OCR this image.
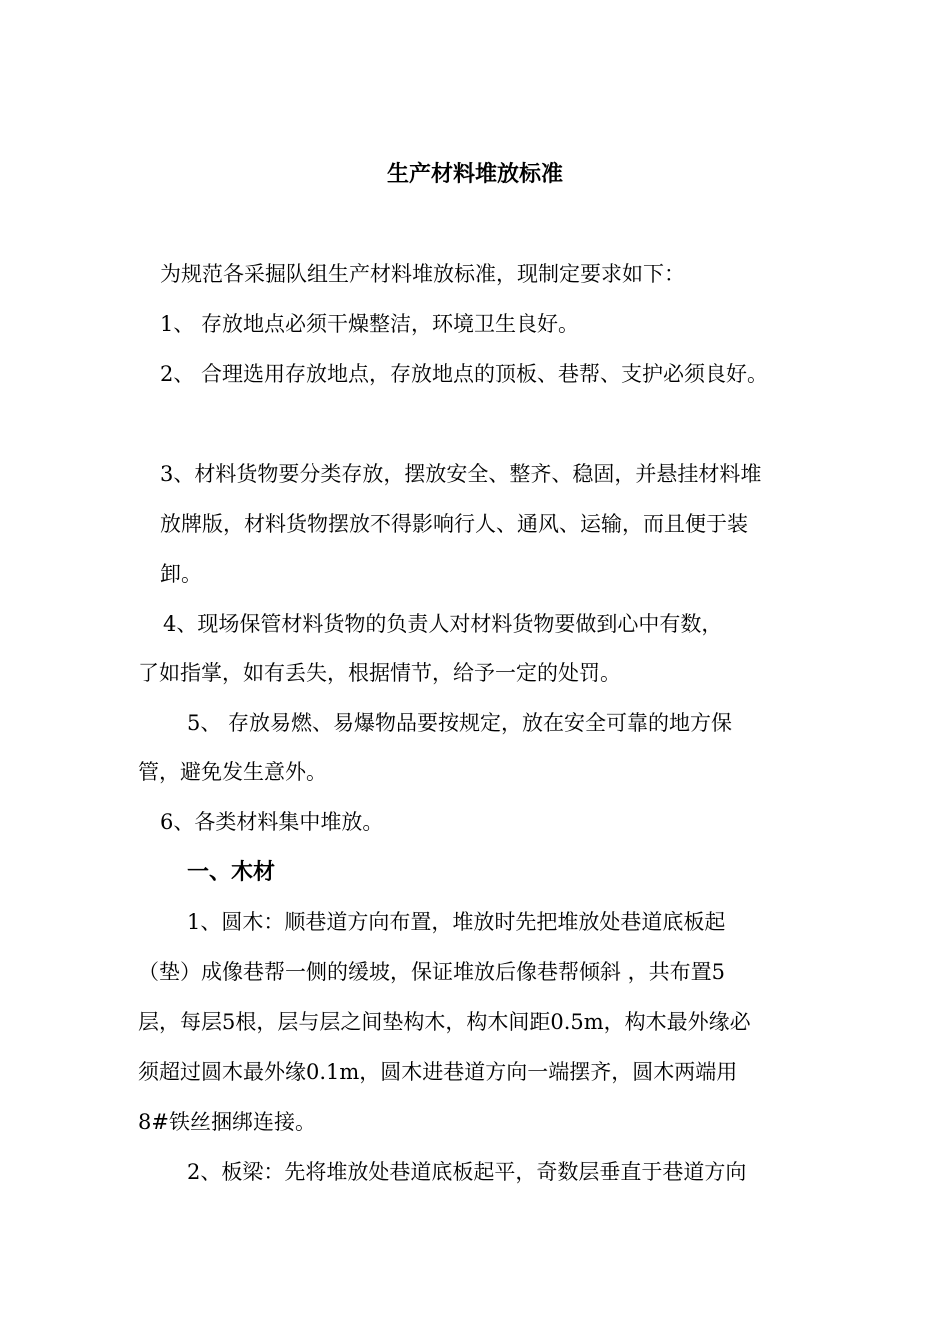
生产材料堆放标准
为规范各采掘队组生产材料堆放标准，现制定要求如下：
1、 存放地点必须干燥整洁，环境卫生良好。
2、 合理选用存放地点，存放地点的顶板、巷帮、支护必须良好。
3、材料货物要分类存放，摆放安全、整齐、稳固，并悬挂材料堆
放牌版，材料货物摆放不得影响行人、通风、运输，而且便于装
卸。
4、现场保管材料货物的负责人对材料货物要做到心中有数，
了如指掌，如有丢失，根据情节，给予一定的处罚。
5、 存放易燃、易爆物品要按规定，放在安全可靠的地方保
管，避免发生意外。
6、各类材料集中堆放。
一、木材
1、圆木：顺巷道方向布置，堆放时先把堆放处巷道底板起
（垫）成像巷帮一侧的缓坡，保证堆放后像巷帮倾斜 ，共布置5
层，每层5根，层与层之间垫构木，构木间距0.5m，构木最外缘必
须超过圆木最外缘0.1m，圆木进巷道方向一端摆齐，圆木两端用
8#铁丝捆绑连接。
2、板梁：先将堆放处巷道底板起平，奇数层垂直于巷道方向
